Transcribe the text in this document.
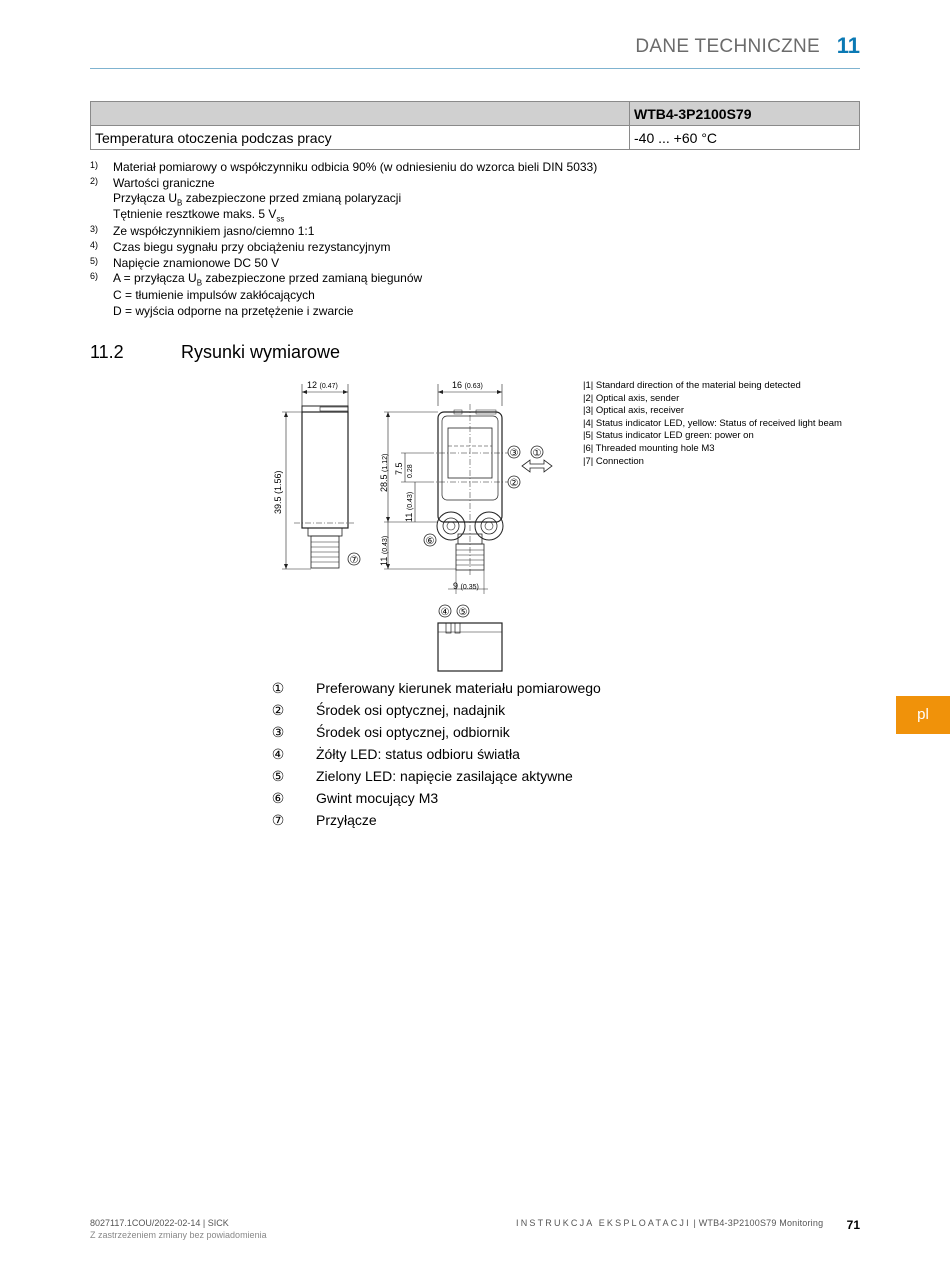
DANE TECHNICZNE 11
	WTB4-3P2100S79
Temperatura otoczenia podczas pracy	-40 ... +60 °C
1) Materiał pomiarowy o współczynniku odbicia 90% (w odniesieniu do wzorca bieli DIN 5033)
2) Wartości graniczne
Przyłącza $U_B$ zabezpieczone przed zmianą polaryzacji
Tętnienie resztkowe maks. 5 $V_{ss}$
3) Ze współczynnikiem jasno/ciemno 1:1
4) Czas biegu sygnału przy obciążeniu rezystancyjnym
5) Napięcie znamionowe DC 50 V
6) A = przyłącza $U_B$ zabezpieczone przed zamianą biegunów
C = tłumienie impulsów zakłócających
D = wyjścia odporne na przetężenie i zwarcie
11.2	Rysunki wymiarowe
12 (0.47)
39.5 (1.56)
⑦
16 (0.63)
28.5 (1.12)
11 (0.43)
7.5 0.28
11 (0.43)
9 (0.35)
③
②
①
⑥
④ ⑤
|1| Standard direction of the material being detected
|2| Optical axis, sender
|3| Optical axis, receiver
|4| Status indicator LED, yellow: Status of received light beam
|5| Status indicator LED green: power on
|6| Threaded mounting hole M3
|7| Connection
① Preferowany kierunek materiału pomiarowego
② Środek osi optycznej, nadajnik
③ Środek osi optycznej, odbiornik
④ Żółty LED: status odbioru światła
⑤ Zielony LED: napięcie zasilające aktywne
⑥ Gwint mocujący M3
⑦ Przyłącze
pl
8027117.1COU/2022-02-14 | SICK
Z zastrzeżeniem zmiany bez powiadomienia
INSTRUKCJA EKSPLOATACJI | WTB4-3P2100S79 Monitoring 71
